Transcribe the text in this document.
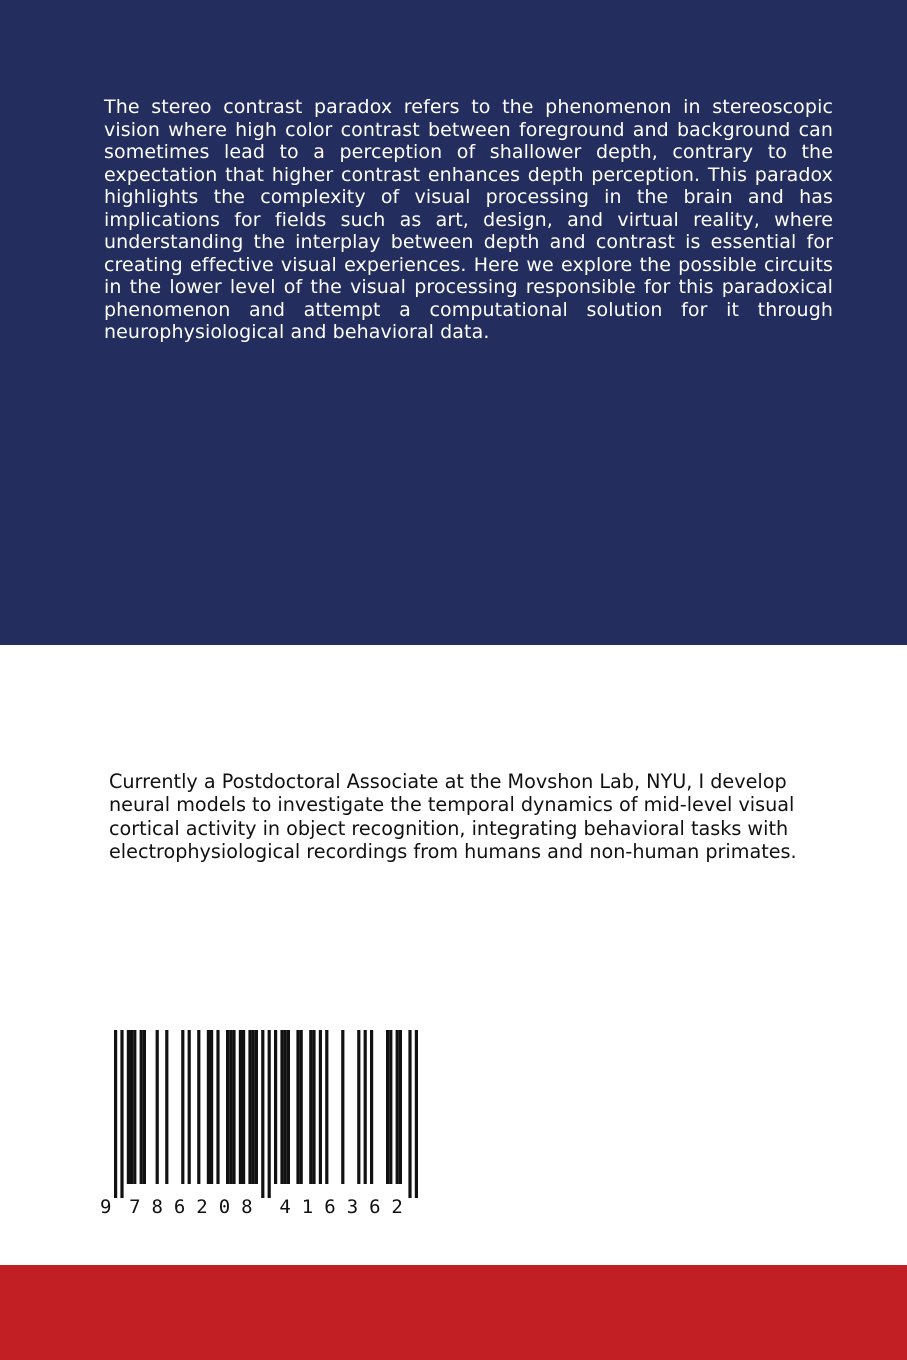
The stereo contrast paradox refers to the phenomenon in stereoscopic vision where high color contrast between foreground and background can sometimes lead to a perception of shallower depth, contrary to the expectation that higher contrast enhances depth perception. This paradox highlights the complexity of visual processing in the brain and has implications for fields such as art, design, and virtual reality, where understanding the interplay between depth and contrast is essential for creating effective visual experiences. Here we explore the possible circuits in the lower level of the visual processing responsible for this paradoxical phenomenon and attempt a computational solution for it through neurophysiological and behavioral data.

Currently a Postdoctoral Associate at the Movshon Lab, NYU, I develop neural models to investigate the temporal dynamics of mid-level visual cortical activity in object recognition, integrating behavioral tasks with electrophysiological recordings from humans and non-human primates.

9 7 8 6 2 0 8 4 1 6 3 6 2
